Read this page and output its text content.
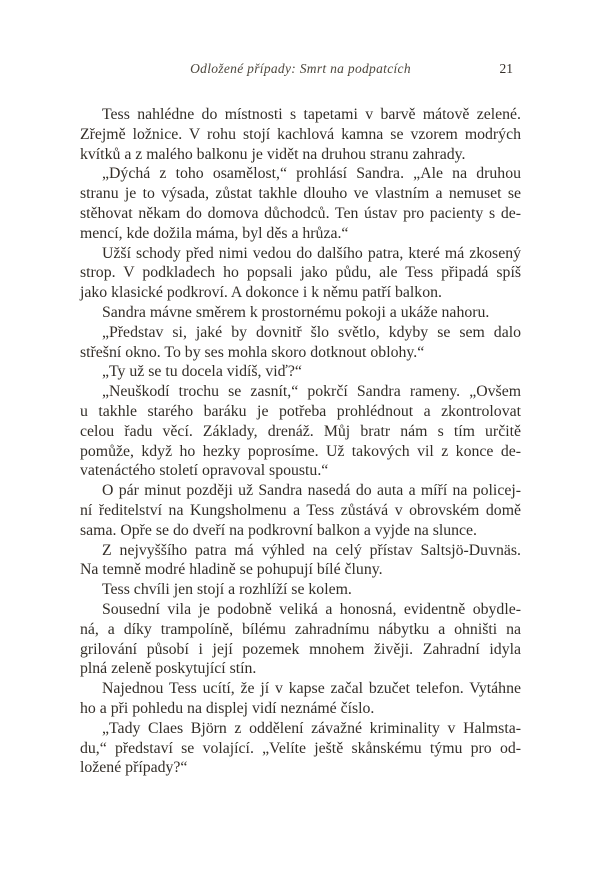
Odložené případy: Smrt na podpatcích	21

Tess nahlédne do místnosti s tapetami v barvě mátově zelené.
Zřejmě ložnice. V rohu stojí kachlová kamna se vzorem modrých
kvítků a z malého balkonu je vidět na druhou stranu zahrady.

„Dýchá z toho osamělost,“ prohlásí Sandra. „Ale na druhou
stranu je to výsada, zůstat takhle dlouho ve vlastním a nemuset se
stěhovat někam do domova důchodců. Ten ústav pro pacienty s de-
mencí, kde dožila máma, byl děs a hrůza.“

Užší schody před nimi vedou do dalšího patra, které má zkosený
strop. V podkladech ho popsali jako půdu, ale Tess připadá spíš
jako klasické podkroví. A dokonce i k němu patří balkon.

Sandra mávne směrem k prostornému pokoji a ukáže nahoru.

„Představ si, jaké by dovnitř šlo světlo, kdyby se sem dalo
střešní okno. To by ses mohla skoro dotknout oblohy.“

„Ty už se tu docela vidíš, viď?“

„Neuškodí trochu se zasnít,“ pokrčí Sandra rameny. „Ovšem
u takhle starého baráku je potřeba prohlédnout a zkontrolovat
celou řadu věcí. Základy, drenáž. Můj bratr nám s tím určitě
pomůže, když ho hezky poprosíme. Už takových vil z konce de-
vatenáctého století opravoval spoustu.“

O pár minut později už Sandra nasedá do auta a míří na policej-
ní ředitelství na Kungsholmenu a Tess zůstává v obrovském domě
sama. Opře se do dveří na podkrovní balkon a vyjde na slunce.

Z nejvyššího patra má výhled na celý přístav Saltsjö-Duvnäs.
Na temně modré hladině se pohupují bílé čluny.

Tess chvíli jen stojí a rozhlíží se kolem.

Sousední vila je podobně veliká a honosná, evidentně obydle-
ná, a díky trampolíně, bílému zahradnímu nábytku a ohništi na
grilování působí i její pozemek mnohem živěji. Zahradní idyla
plná zeleně poskytující stín.

Najednou Tess ucítí, že jí v kapse začal bzučet telefon. Vytáhne
ho a při pohledu na displej vidí neznámé číslo.

„Tady Claes Björn z oddělení závažné kriminality v Halmsta-
du,“ představí se volající. „Velíte ještě skånskému týmu pro od-
ložené případy?“
